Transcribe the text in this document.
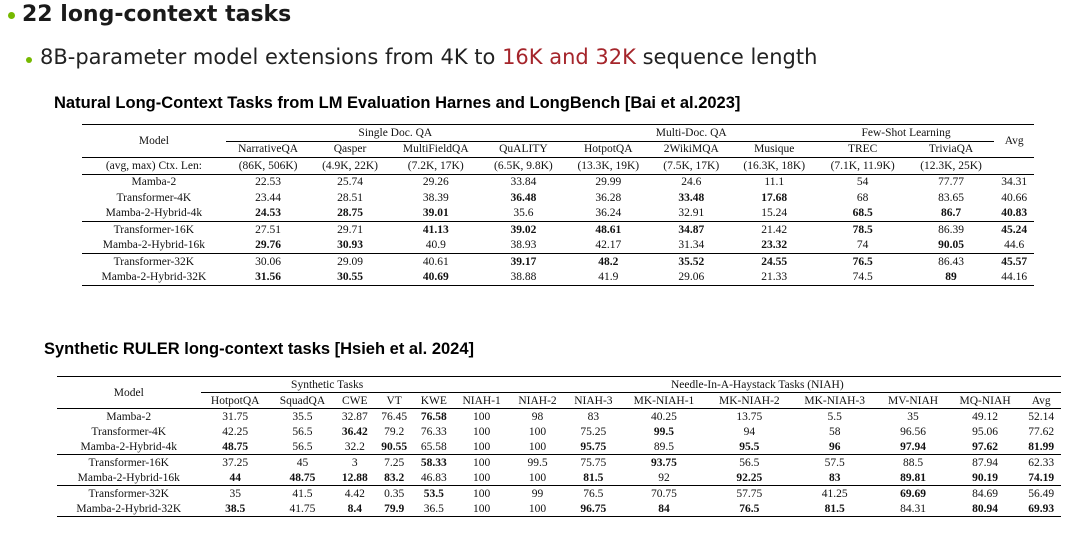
22 long-context tasks
8B-parameter model extensions from 4K to 16K and 32K sequence length
Natural Long-Context Tasks from LM Evaluation Harnes and LongBench [Bai et al.2023]
Model	Single Doc. QA				Multi-Doc. QA			Few-Shot Learning		Avg
	NarrativeQA	Qasper	MultiFieldQA	QuALITY	HotpotQA	2WikiMQA	Musique	TREC	TriviaQA	
(avg, max) Ctx. Len:	(86K, 506K)	(4.9K, 22K)	(7.2K, 17K)	(6.5K, 9.8K)	(13.3K, 19K)	(7.5K, 17K)	(16.3K, 18K)	(7.1K, 11.9K)	(12.3K, 25K)	
Mamba-2	22.53	25.74	29.26	33.84	29.99	24.6	11.1	54	77.77	34.31
Transformer-4K	23.44	28.51	38.39	36.48	36.28	33.48	17.68	68	83.65	40.66
Mamba-2-Hybrid-4k	24.53	28.75	39.01	35.6	36.24	32.91	15.24	68.5	86.7	40.83
Transformer-16K	27.51	29.71	41.13	39.02	48.61	34.87	21.42	78.5	86.39	45.24
Mamba-2-Hybrid-16k	29.76	30.93	40.9	38.93	42.17	31.34	23.32	74	90.05	44.6
Transformer-32K	30.06	29.09	40.61	39.17	48.2	35.52	24.55	76.5	86.43	45.57
Mamba-2-Hybrid-32K	31.56	30.55	40.69	38.88	41.9	29.06	21.33	74.5	89	44.16
Synthetic RULER long-context tasks [Hsieh et al. 2024]
Model	Synthetic Tasks					Needle-In-A-Haystack Tasks (NIAH)								
	HotpotQA	SquadQA	CWE	VT	KWE	NIAH-1	NIAH-2	NIAH-3	MK-NIAH-1	MK-NIAH-2	MK-NIAH-3	MV-NIAH	MQ-NIAH	Avg
Mamba-2	31.75	35.5	32.87	76.45	76.58	100	98	83	40.25	13.75	5.5	35	49.12	52.14
Transformer-4K	42.25	56.5	36.42	79.2	76.33	100	100	75.25	99.5	94	58	96.56	95.06	77.62
Mamba-2-Hybrid-4k	48.75	56.5	32.2	90.55	65.58	100	100	95.75	89.5	95.5	96	97.94	97.62	81.99
Transformer-16K	37.25	45	3	7.25	58.33	100	99.5	75.75	93.75	56.5	57.5	88.5	87.94	62.33
Mamba-2-Hybrid-16k	44	48.75	12.88	83.2	46.83	100	100	81.5	92	92.25	83	89.81	90.19	74.19
Transformer-32K	35	41.5	4.42	0.35	53.5	100	99	76.5	70.75	57.75	41.25	69.69	84.69	56.49
Mamba-2-Hybrid-32K	38.5	41.75	8.4	79.9	36.5	100	100	96.75	84	76.5	81.5	84.31	80.94	69.93
